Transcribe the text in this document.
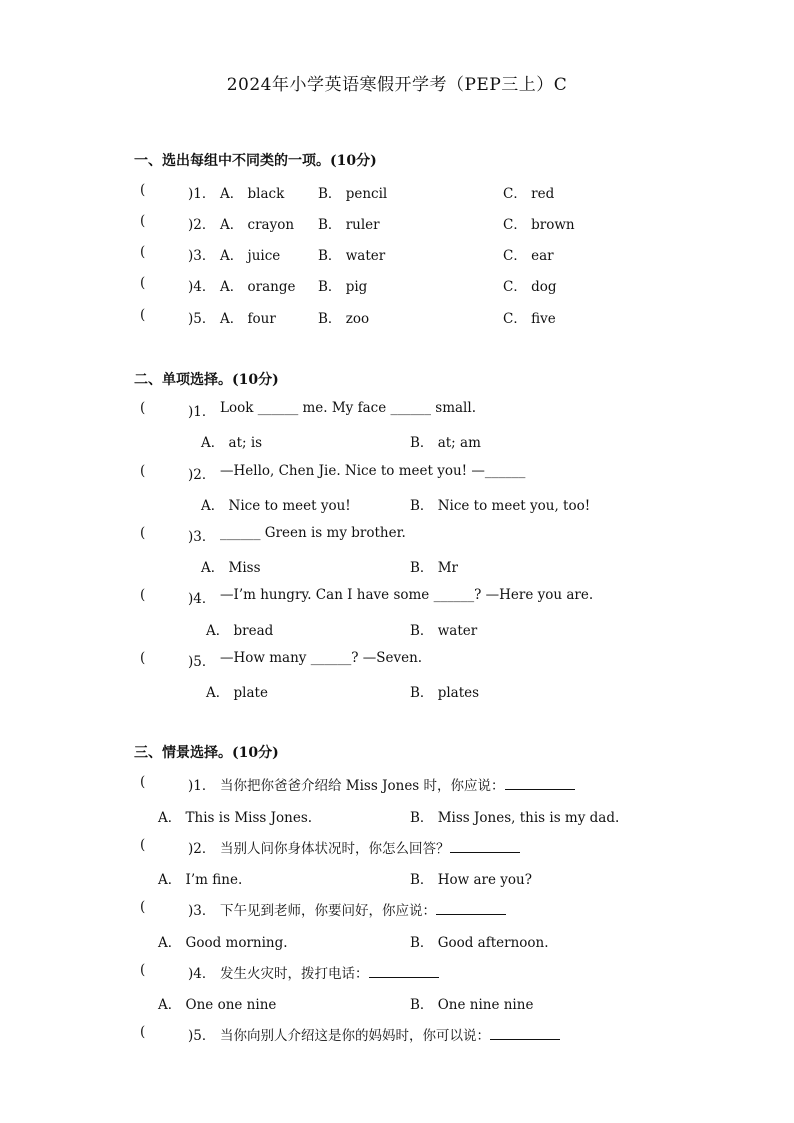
2024年小学英语寒假开学考（PEP三上）C
一、选出每组中不同类的一项。(10分)
(	)1． A． black B． pencil	C． red
(	)2． A． crayon B． ruler	C． brown
(	)3． A． juice	B． water	C． ear
(	)4． A． orange B． pig	C． dog
(	)5． A． four	B． zoo	C． five
二、单项选择。(10分)
(	)1． Look ______ me. My face ______ small.
A． at; is	B． at; am
(	)2． —Hello, Chen Jie. Nice to meet you! —______
A． Nice to meet you!	B． Nice to meet you, too!
(	)3． ______ Green is my brother.
A． Miss	B． Mr
(	)4． —I’m hungry. Can I have some ______? —Here you are.
A． bread	B． water
(	)5． —How many ______? —Seven.
A． plate	B． plates
三、情景选择。(10分)
(	)1． 当你把你爸爸介绍给 Miss Jones 时，你应说：
A． This is Miss Jones.	B． Miss Jones, this is my dad.
(	)2． 当别人问你身体状况时，你怎么回答？
A． I’m fine.	B． How are you?
(	)3． 下午见到老师，你要问好，你应说：
A． Good morning.	B． Good afternoon.
(	)4． 发生火灾时，拨打电话：
A． One one nine	B． One nine nine
(	)5． 当你向别人介绍这是你的妈妈时，你可以说：
